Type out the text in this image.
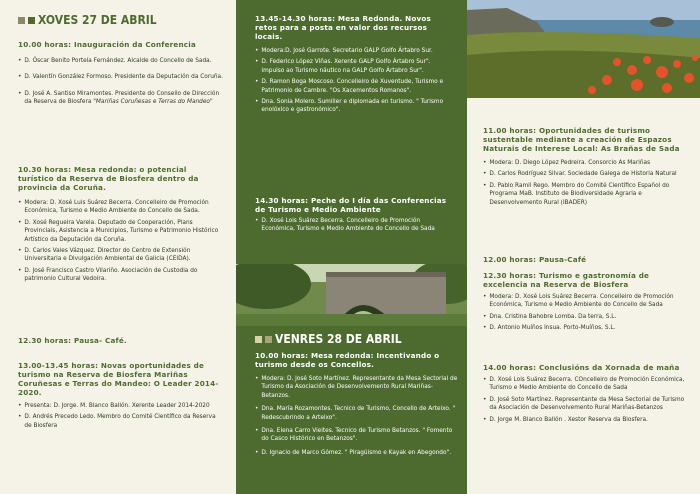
XOVES 27 DE ABRIL
10.00 horas: Inauguración da Conferencia
• D. Óscar Benito Portela Fernández. Alcalde do Concello de Sada.
• D. Valentín González Formoso. Presidente da Deputación da Coruña.
• D. José A. Santiso Miramontes. Presidente do Consello de Dirección da Reserva de Biosfera "Mariñas Coruñesas e Terras do Mandeo"
10.30 horas: Mesa redonda: o potencial turístico da Reserva de Biosfera dentro da provincia da Coruña.
• Modera: D. Xosé Luis Suárez Becerra. Concelleiro de Promoción Económica, Turismo e Medio Ambiente do Concello de Sada.
• D. Xosé Regueira Varela. Deputado de Cooperación, Plans Provinciais, Asistencia a Municipios, Turismo e Patrimonio Histórico Artístico da Deputación da Coruña.
• D. Carlos Vales Vázquez. Director do Centro de Extensión Universitaria e Divulgación Ambiental de Galicia (CEIDA).
• D. José Francisco Castro Vilariño. Asociación de Custodia do patrimonio Cultural Vedoira.
12.30 horas: Pausa- Café.
13.00-13.45 horas: Novas oportunidades de turismo na Reserva de Biosfera Mariñas Coruñesas e Terras do Mandeo: O Leader 2014-2020.
• Presenta: D. Jorge. M. Blanco Ballón. Xerente Leader 2014-2020
• D. Andrés Precedo Ledo. Membro do Comité Científico da Reserva de Biosfera
13.45-14.30 horas: Mesa Redonda. Novos retos para a posta en valor dos recursos locais.
• Modera:D. José Garrote. Secretario GALP Golfo Ártabro Sur.
• D. Federico López Viñas. Xerente GALP Golfo Ártabro Sur". Impulso ao Turismo náutico na GALP Golfo Ártabro Sur".
• D. Ramon Boga Moscoso. Concelleiro de Xuventude, Turismo e Patrimonio de Cambre. "Os Xacementos Romanos".
• Dna. Sonia Molero. Sumiller e diplomada en turismo. " Turismo enolóxico e gastronómico".
14.30 horas: Peche do I día das Conferencias de Turismo e Medio Ambiente
• D. Xosé Lois Suárez Becerra. Concelleiro de Promoción Económica, Turismo e Medio Ambiente do Concello de Sada
VENRES 28 DE ABRIL
10.00 horas: Mesa redonda: Incentivando o turismo desde os Concellos.
• Modera: D. José Soto Martínez. Representante da Mesa Sectorial de Turismo da Asociación de Desenvolvemento Rural Mariñas-Betanzos.
• Dna. María Rozamontes. Tecnico de Turismo, Concello de Arteixo. " Redescubrindo a Arteixo".
• Dna. Elena Carro Vieites. Tecnico de Turismo Betanzos. " Fomento do Casco Histórico en Betanzos".
• D. Ignacio de Marco Gómez. " Piragüismo e Kayak en Abegondo".
11.00 horas: Oportunidades de turismo sustentable mediante a creación de Espazos Naturais de Interese Local: As Brañas de Sada
• Modera: D. Diego López Pedreira. Consorcio As Mariñas
• D. Carlos Rodríguez Silvar. Sociedade Galega de Historia Natural
• D. Pablo Ramil Rego. Membro do Comité Científico Español do Programa MaB. Instituto de Biodiversidade Agraria e Desenvolvemento Rural (IBADER)
12.00 horas: Pausa-Café
12.30 horas: Turismo e gastronomía de excelencia na Reserva de Biosfera
• Modera: D. Xosé Lois Suárez Becerra. Concelleiro de Promoción Económica, Turismo e Medio Ambiente do Concello de Sada
• Dna. Cristina Bahobre Lomba. Da terra, S.L.
• D. Antonio Muíños Insua. Porto-Muíños, S.L.
14.00 horas: Conclusións da Xornada de maña
• D. Xosé Lois Suárez Becerra. COncelleiro de Promoción Económica, Turismo e Medio Ambiente do Concello de Sada
• D. José Soto Martínez. Representante da Mesa Sectorial de Turismo da Asociación de Desenvolvemento Rural Mariñas-Betanzos
• D. Jorge M. Blanco Ballón . Xestor Reserva da Biosfera.
